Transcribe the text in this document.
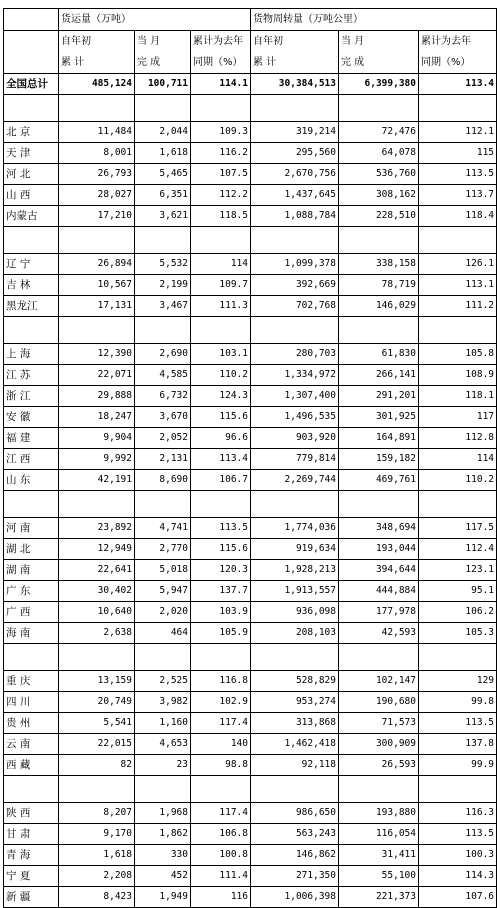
	货运量（万吨）			货物周转量（万吨公里）		
	自年初	当 月	累计为去年	自年初	当 月	累计为去年
	累 计	完 成	同期（%）	累 计	完 成	同期（%）
全国总计	485,124	100,711	114.1	30,384,513	6,399,380	113.4

北 京	11,484	2,044	109.3	319,214	72,476	112.1
天 津	8,001	1,618	116.2	295,560	64,078	115
河 北	26,793	5,465	107.5	2,670,756	536,760	113.5
山 西	28,027	6,351	112.2	1,437,645	308,162	113.7
内蒙古	17,210	3,621	118.5	1,088,784	228,510	118.4

辽 宁	26,894	5,532	114	1,099,378	338,158	126.1
吉 林	10,567	2,199	109.7	392,669	78,719	113.1
黑龙江	17,131	3,467	111.3	702,768	146,029	111.2

上 海	12,390	2,690	103.1	280,703	61,830	105.8
江 苏	22,071	4,585	110.2	1,334,972	266,141	108.9
浙 江	29,888	6,732	124.3	1,307,400	291,201	118.1
安 徽	18,247	3,670	115.6	1,496,535	301,925	117
福 建	9,904	2,052	96.6	903,920	164,891	112.8
江 西	9,992	2,131	113.4	779,814	159,182	114
山 东	42,191	8,690	106.7	2,269,744	469,761	110.2

河 南	23,892	4,741	113.5	1,774,036	348,694	117.5
湖 北	12,949	2,770	115.6	919,634	193,044	112.4
湖 南	22,641	5,018	120.3	1,928,213	394,644	123.1
广 东	30,402	5,947	137.7	1,913,557	444,884	95.1
广 西	10,640	2,020	103.9	936,098	177,978	106.2
海 南	2,638	464	105.9	208,103	42,593	105.3

重 庆	13,159	2,525	116.8	528,829	102,147	129
四 川	20,749	3,982	102.9	953,274	190,680	99.8
贵 州	5,541	1,160	117.4	313,868	71,573	113.5
云 南	22,015	4,653	140	1,462,418	300,909	137.8
西 藏	82	23	98.8	92,118	26,593	99.9

陕 西	8,207	1,968	117.4	986,650	193,880	116.3
甘 肃	9,170	1,862	106.8	563,243	116,054	113.5
青 海	1,618	330	100.8	146,862	31,411	100.3
宁 夏	2,208	452	111.4	271,350	55,100	114.3
新 疆	8,423	1,949	116	1,006,398	221,373	107.6
